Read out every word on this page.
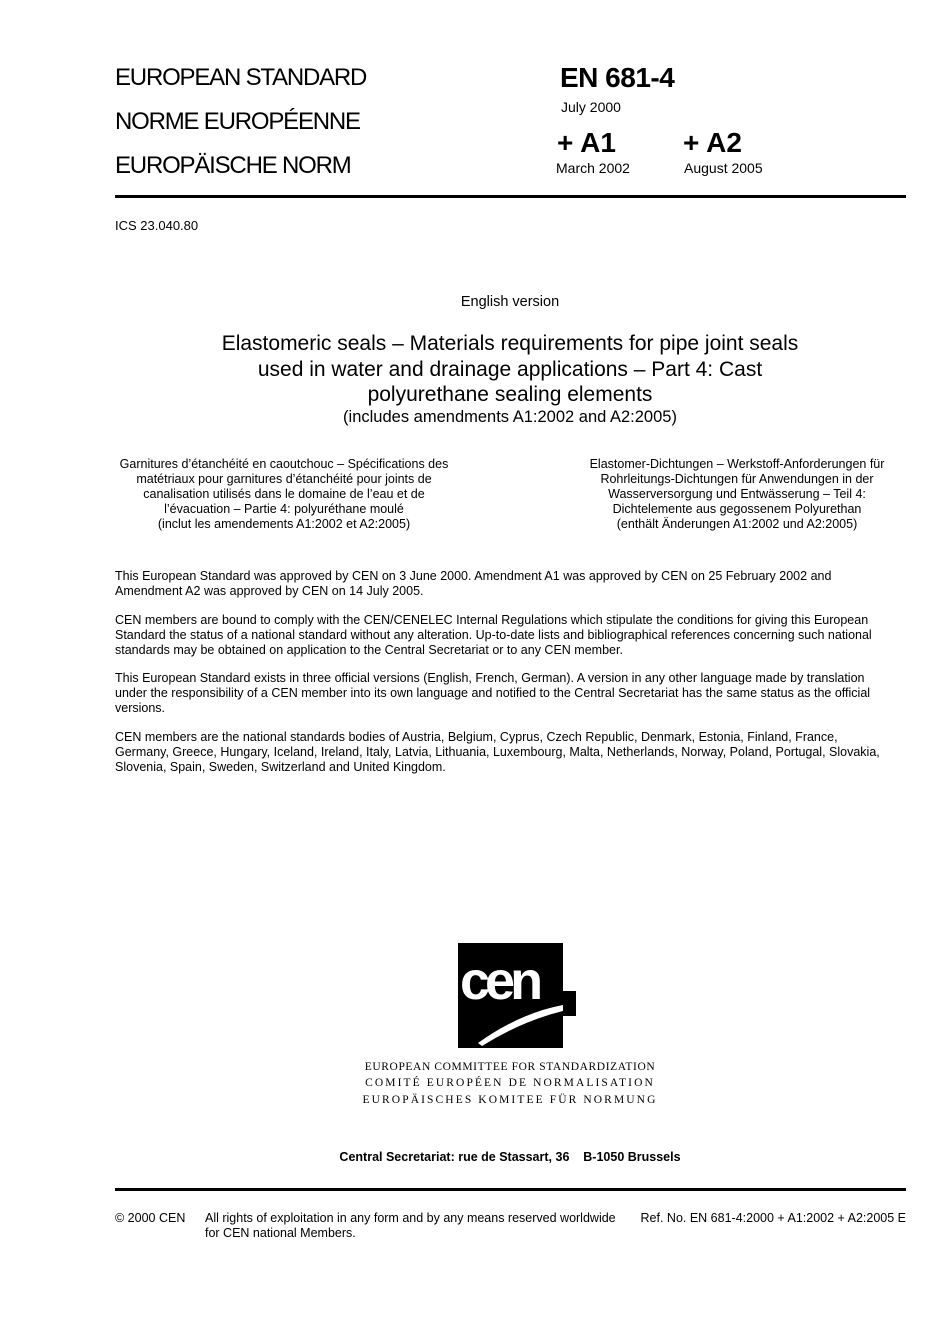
EUROPEAN STANDARD
NORME EUROPÉENNE
EUROPÄISCHE NORM
EN 681-4
July 2000
+ A1
March 2002
+ A2
August 2005
ICS 23.040.80
English version
Elastomeric seals – Materials requirements for pipe joint seals
used in water and drainage applications – Part 4: Cast
polyurethane sealing elements
(includes amendments A1:2002 and A2:2005)
Garnitures d’étanchéité en caoutchouc – Spécifications des
matétriaux pour garnitures d’étanchéité pour joints de
canalisation utilisés dans le domaine de l’eau et de
l’évacuation – Partie 4: polyuréthane moulé
(inclut les amendements A1:2002 et A2:2005)
Elastomer-Dichtungen – Werkstoff-Anforderungen für
Rohrleitungs-Dichtungen für Anwendungen in der
Wasserversorgung und Entwässerung – Teil 4:
Dichtelemente aus gegossenem Polyurethan
(enthält Änderungen A1:2002 und A2:2005)
This European Standard was approved by CEN on 3 June 2000. Amendment A1 was approved by CEN on 25 February 2002 and
Amendment A2 was approved by CEN on 14 July 2005.
CEN members are bound to comply with the CEN/CENELEC Internal Regulations which stipulate the conditions for giving this European
Standard the status of a national standard without any alteration. Up-to-date lists and bibliographical references concerning such national
standards may be obtained on application to the Central Secretariat or to any CEN member.
This European Standard exists in three official versions (English, French, German). A version in any other language made by translation
under the responsibility of a CEN member into its own language and notified to the Central Secretariat has the same status as the official
versions.
CEN members are the national standards bodies of Austria, Belgium, Cyprus, Czech Republic, Denmark, Estonia, Finland, France,
Germany, Greece, Hungary, Iceland, Ireland, Italy, Latvia, Lithuania, Luxembourg, Malta, Netherlands, Norway, Poland, Portugal, Slovakia,
Slovenia, Spain, Sweden, Switzerland and United Kingdom.
cen
EUROPEAN COMMITTEE FOR STANDARDIZATION
COMITÉ EUROPÉEN DE NORMALISATION
EUROPÄISCHES KOMITEE FÜR NORMUNG
Central Secretariat: rue de Stassart, 36    B-1050 Brussels
© 2000 CEN All rights of exploitation in any form and by any means reserved worldwide
for CEN national Members.
Ref. No. EN 681-4:2000 + A1:2002 + A2:2005 E
